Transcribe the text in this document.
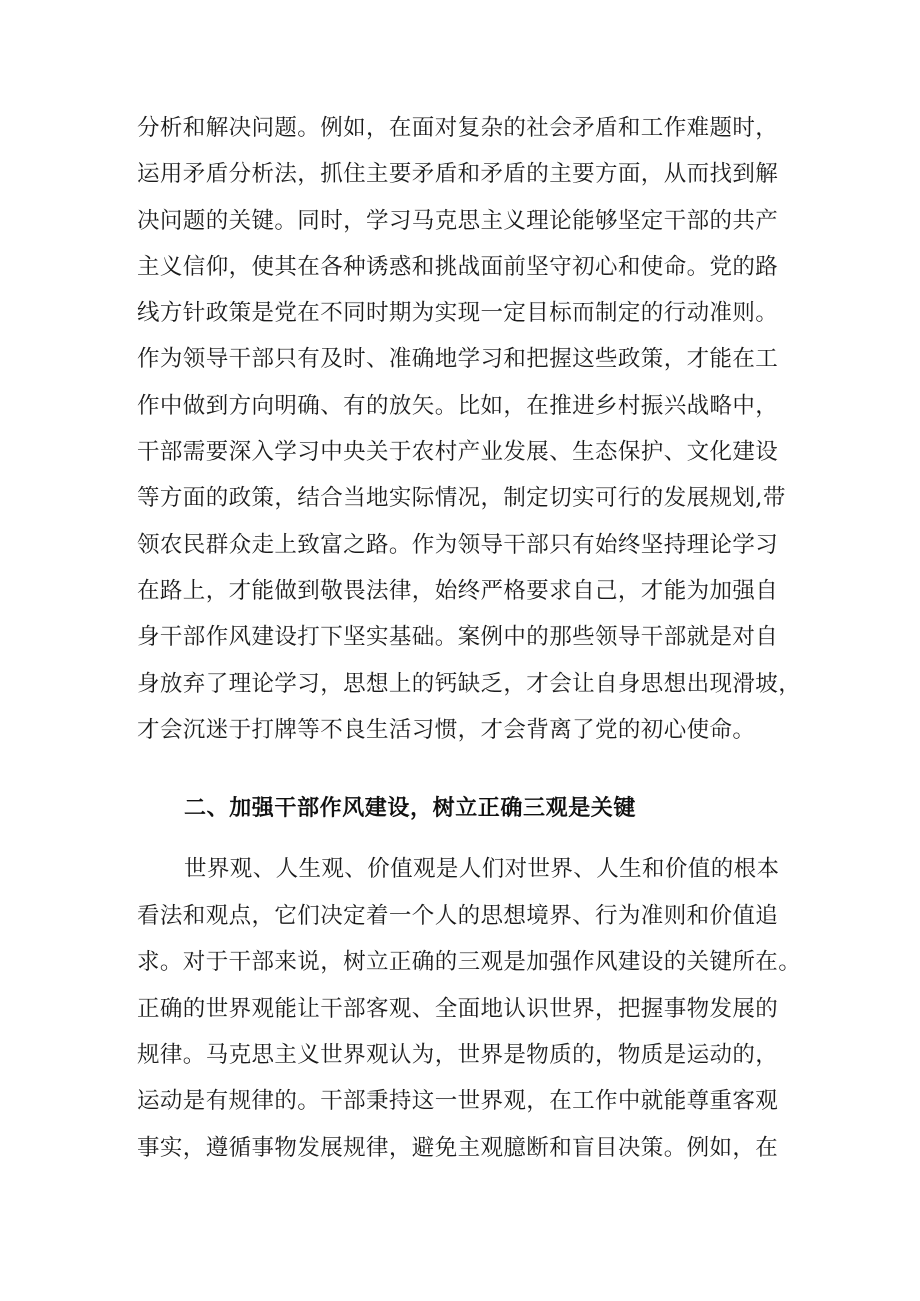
分析和解决问题。例如，在面对复杂的社会矛盾和工作难题时，
运用矛盾分析法，抓住主要矛盾和矛盾的主要方面，从而找到解
决问题的关键。同时，学习马克思主义理论能够坚定干部的共产
主义信仰，使其在各种诱惑和挑战面前坚守初心和使命。党的路
线方针政策是党在不同时期为实现一定目标而制定的行动准则。
作为领导干部只有及时、准确地学习和把握这些政策，才能在工
作中做到方向明确、有的放矢。比如，在推进乡村振兴战略中，
干部需要深入学习中央关于农村产业发展、生态保护、文化建设
等方面的政策，结合当地实际情况，制定切实可行的发展规划,带
领农民群众走上致富之路。作为领导干部只有始终坚持理论学习
在路上，才能做到敬畏法律，始终严格要求自己，才能为加强自
身干部作风建设打下坚实基础。案例中的那些领导干部就是对自
身放弃了理论学习，思想上的钙缺乏，才会让自身思想出现滑坡，
才会沉迷于打牌等不良生活习惯，才会背离了党的初心使命。
二、加强干部作风建设，树立正确三观是关键
世界观、人生观、价值观是人们对世界、人生和价值的根本
看法和观点，它们决定着一个人的思想境界、行为准则和价值追
求。对于干部来说，树立正确的三观是加强作风建设的关键所在。
正确的世界观能让干部客观、全面地认识世界，把握事物发展的
规律。马克思主义世界观认为，世界是物质的，物质是运动的，
运动是有规律的。干部秉持这一世界观，在工作中就能尊重客观
事实，遵循事物发展规律，避免主观臆断和盲目决策。例如，在
